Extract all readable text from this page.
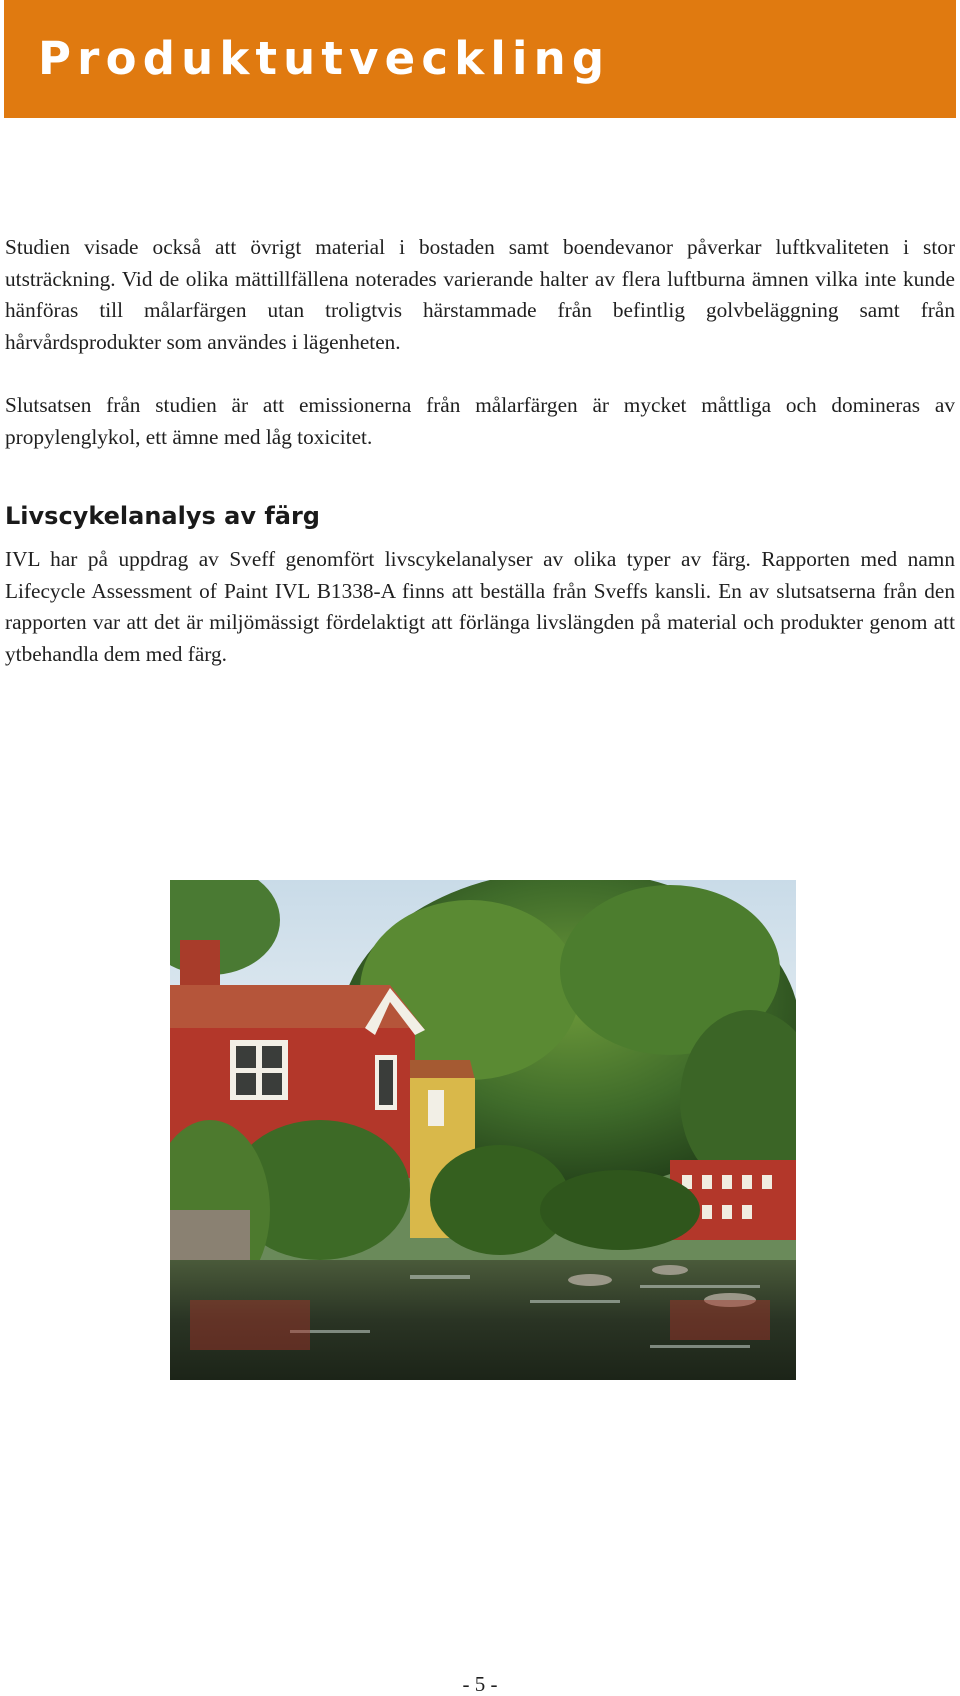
Produktutveckling

Studien visade också att övrigt material i bostaden samt boendevanor påverkar luftkvaliteten i stor utsträckning. Vid de olika mättillfällena noterades varierande halter av flera luftburna ämnen vilka inte kunde hänföras till målarfärgen utan troligtvis härstammade från befintlig golvbeläggning samt från hårvårdsprodukter som användes i lägenheten.

Slutsatsen från studien är att emissionerna från målarfärgen är mycket måttliga och domineras av propylenglykol, ett ämne med låg toxicitet.

Livscykelanalys av färg

IVL har på uppdrag av Sveff genomfört livscykelanalyser av olika typer av färg. Rapporten med namn Lifecycle Assessment of Paint IVL B1338-A finns att beställa från Sveffs kansli. En av slutsatserna från den rapporten var att det är miljömässigt fördelaktigt att förlänga livslängden på material och produkter genom att ytbehandla dem med färg.

- 5 -
